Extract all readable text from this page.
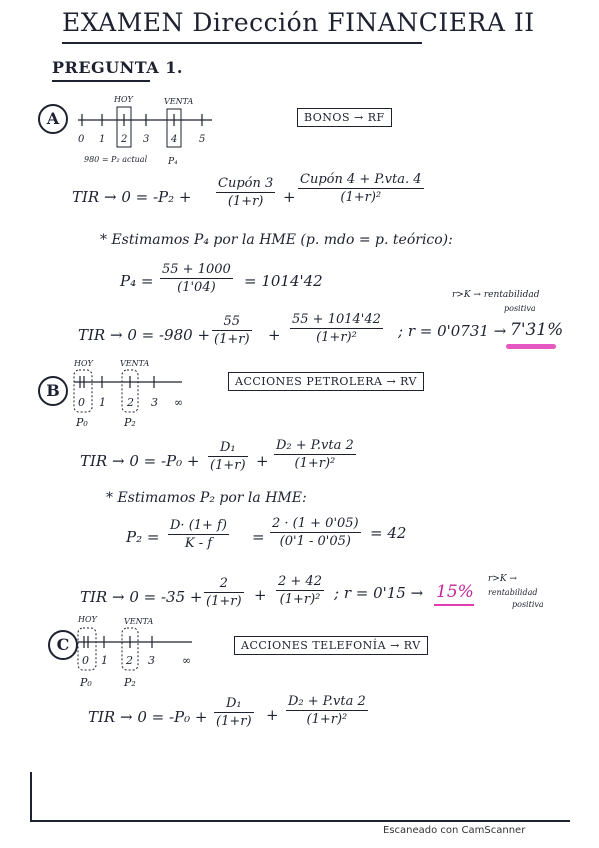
EXAMEN Dirección FINANCIERA II
PREGUNTA 1.
A
HOY	VENTA
0 1 2 3 4 5
980 = P₂ actual P₄
BONOS → RF
TIR → 0 = -P₂ +
Cupón 3
(1+r)	+
Cupón 4 + P.vta. 4
(1+r)²
* Estimamos P₄ por la HME (p. mdo = p. teórico):
P₄ =
55 + 1000
(1'04)	= 1014'42
r>K → rentabilidad
positiva
TIR → 0 = -980 +
55
(1+r) +
55 + 1014'42
(1+r)²	; r = 0'0731 → 7'31%
B
HOY	VENTA
0 1 2 3 ∞
P₀	P₂
ACCIONES PETROLERA → RV
TIR → 0 = -P₀ +
D₁
(1+r) +
D₂ + P.vta 2
(1+r)²
* Estimamos P₂ por la HME:
P₂ =
D· (1+ f)
K - f	=
2 · (1 + 0'05)
(0'1 - 0'05)	= 42
TIR → 0 = -35 +
2
(1+r) +
2 + 42
(1+r)² ; r = 0'15 → 15%
r>K →
rentabilidad
positiva
C
HOY	VENTA
0 1 2 3 ∞
P₀	P₂
ACCIONES TELEFONÍA → RV
TIR → 0 = -P₀ +
D₁
(1+r) +
D₂ + P.vta 2
(1+r)²
Escaneado con CamScanner
